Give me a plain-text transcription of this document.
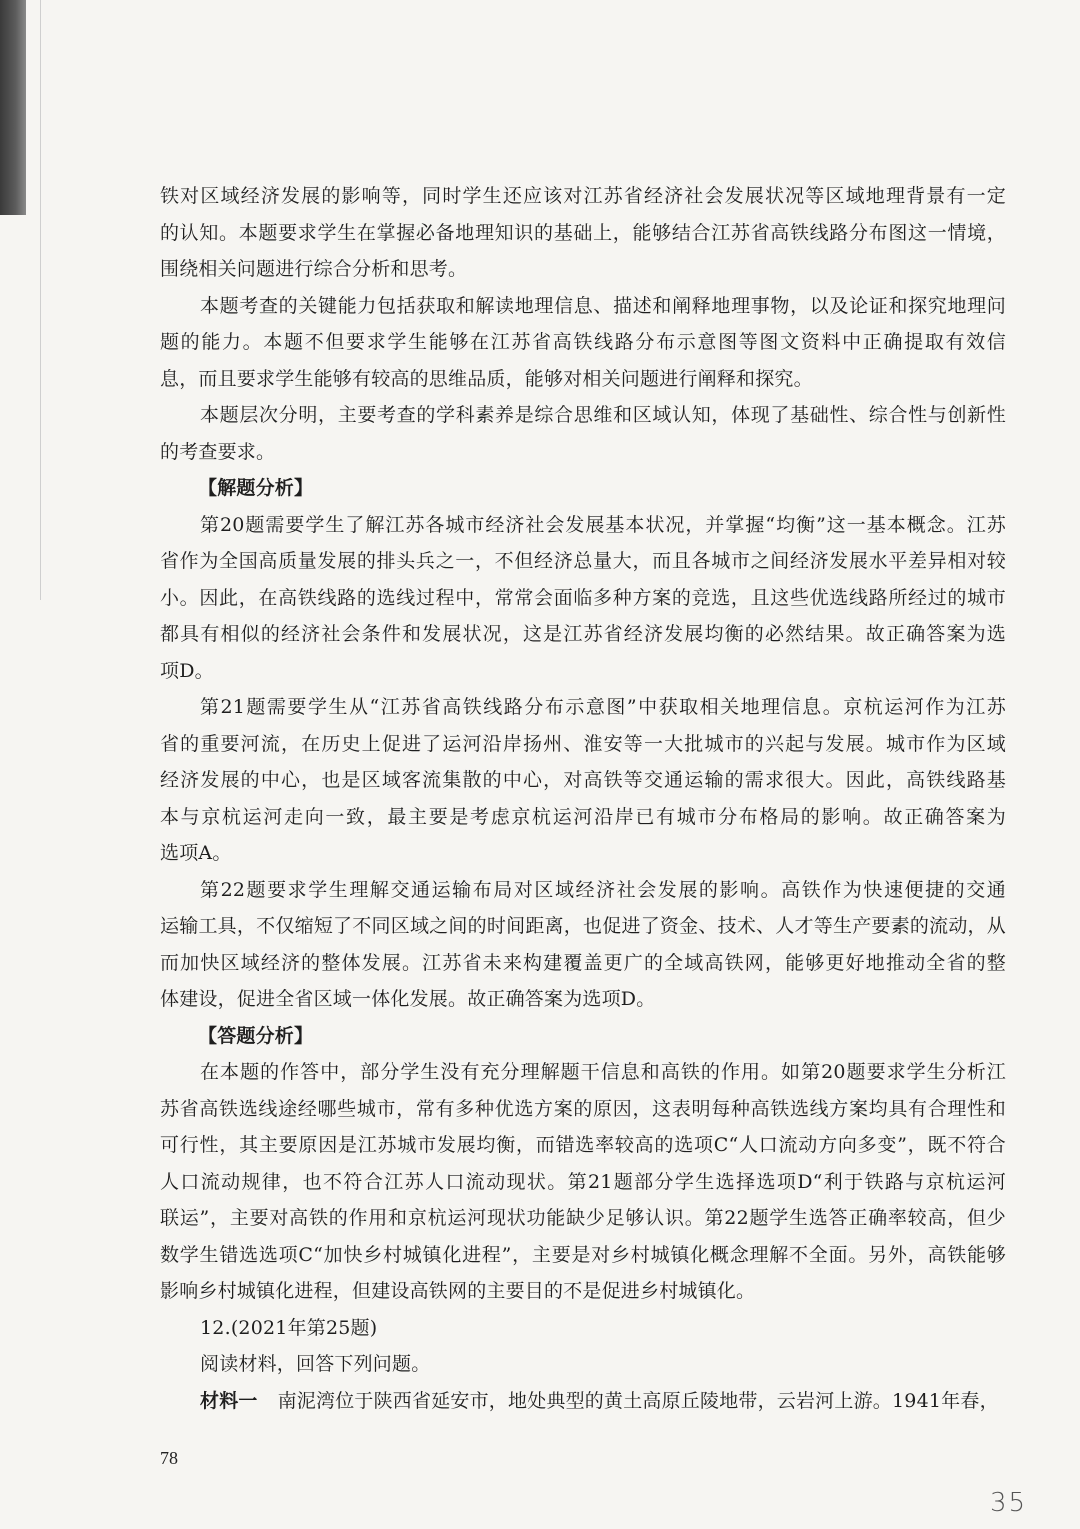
铁对区域经济发展的影响等，同时学生还应该对江苏省经济社会发展状况等区域地理背景有一定
的认知。本题要求学生在掌握必备地理知识的基础上，能够结合江苏省高铁线路分布图这一情境，
围绕相关问题进行综合分析和思考。
本题考查的关键能力包括获取和解读地理信息、描述和阐释地理事物，以及论证和探究地理问
题的能力。本题不但要求学生能够在江苏省高铁线路分布示意图等图文资料中正确提取有效信
息，而且要求学生能够有较高的思维品质，能够对相关问题进行阐释和探究。
本题层次分明，主要考查的学科素养是综合思维和区域认知，体现了基础性、综合性与创新性
的考查要求。
【解题分析】
第20题需要学生了解江苏各城市经济社会发展基本状况，并掌握“均衡”这一基本概念。江苏
省作为全国高质量发展的排头兵之一，不但经济总量大，而且各城市之间经济发展水平差异相对较
小。因此，在高铁线路的选线过程中，常常会面临多种方案的竞选，且这些优选线路所经过的城市
都具有相似的经济社会条件和发展状况，这是江苏省经济发展均衡的必然结果。故正确答案为选
项D。
第21题需要学生从“江苏省高铁线路分布示意图”中获取相关地理信息。京杭运河作为江苏
省的重要河流，在历史上促进了运河沿岸扬州、淮安等一大批城市的兴起与发展。城市作为区域
经济发展的中心，也是区域客流集散的中心，对高铁等交通运输的需求很大。因此，高铁线路基
本与京杭运河走向一致，最主要是考虑京杭运河沿岸已有城市分布格局的影响。故正确答案为
选项A。
第22题要求学生理解交通运输布局对区域经济社会发展的影响。高铁作为快速便捷的交通
运输工具，不仅缩短了不同区域之间的时间距离，也促进了资金、技术、人才等生产要素的流动，从
而加快区域经济的整体发展。江苏省未来构建覆盖更广的全域高铁网，能够更好地推动全省的整
体建设，促进全省区域一体化发展。故正确答案为选项D。
【答题分析】
在本题的作答中，部分学生没有充分理解题干信息和高铁的作用。如第20题要求学生分析江
苏省高铁选线途经哪些城市，常有多种优选方案的原因，这表明每种高铁选线方案均具有合理性和
可行性，其主要原因是江苏城市发展均衡，而错选率较高的选项C“人口流动方向多变”，既不符合
人口流动规律，也不符合江苏人口流动现状。第21题部分学生选择选项D“利于铁路与京杭运河
联运”，主要对高铁的作用和京杭运河现状功能缺少足够认识。第22题学生选答正确率较高，但少
数学生错选选项C“加快乡村城镇化进程”，主要是对乡村城镇化概念理解不全面。另外，高铁能够
影响乡村城镇化进程，但建设高铁网的主要目的不是促进乡村城镇化。
12.(2021年第25题)
阅读材料，回答下列问题。
材料一 南泥湾位于陕西省延安市，地处典型的黄土高原丘陵地带，云岩河上游。1941年春，
78
35
